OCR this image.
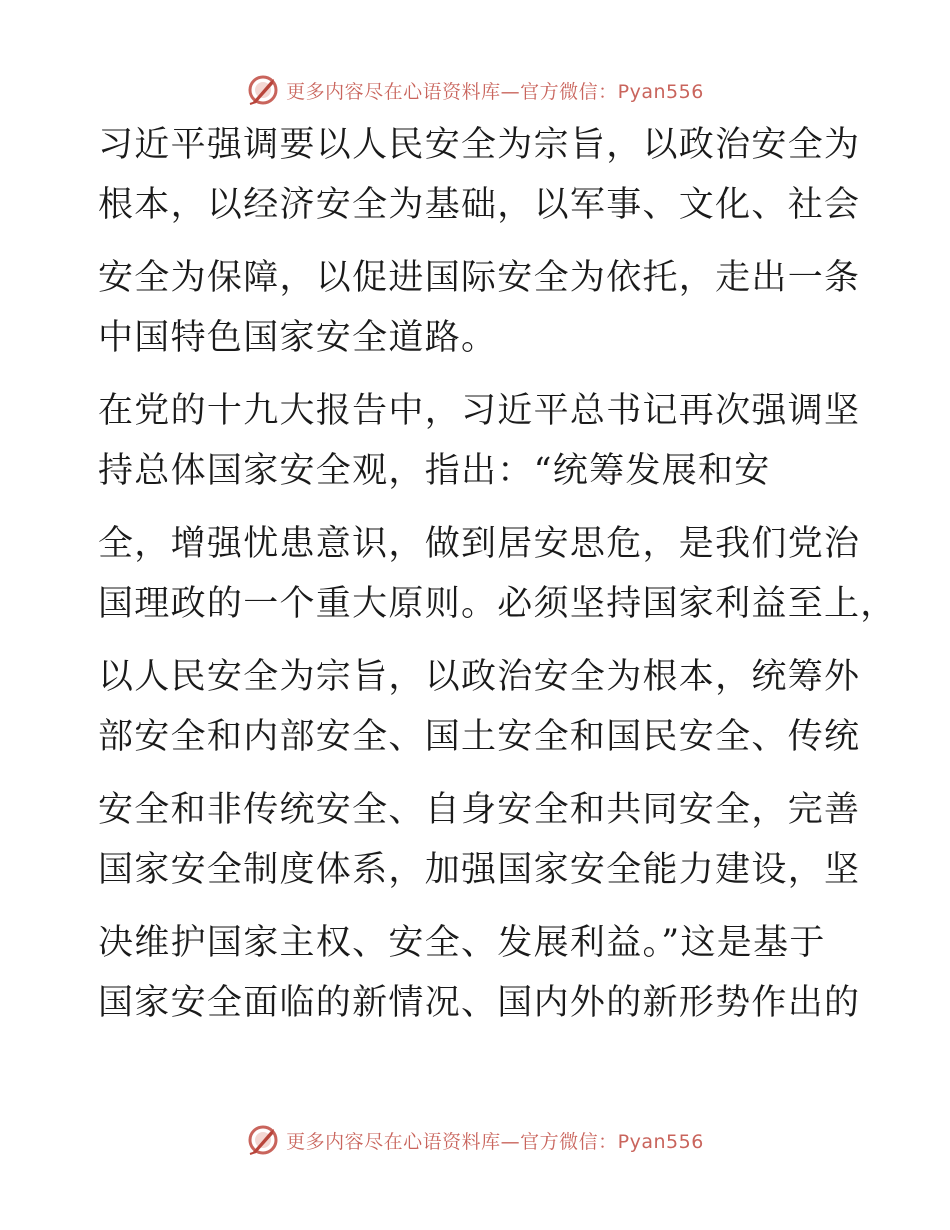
更多内容尽在心语资料库—官方微信：Pyan556
习近平强调要以人民安全为宗旨，以政治安全为
根本，以经济安全为基础，以军事、文化、社会
安全为保障，以促进国际安全为依托，走出一条
中国特色国家安全道路。
在党的十九大报告中，习近平总书记再次强调坚
持总体国家安全观，指出：“统筹发展和安
全，增强忧患意识，做到居安思危，是我们党治
国理政的一个重大原则。必须坚持国家利益至上，
以人民安全为宗旨，以政治安全为根本，统筹外
部安全和内部安全、国土安全和国民安全、传统
安全和非传统安全、自身安全和共同安全，完善
国家安全制度体系，加强国家安全能力建设，坚
决维护国家主权、安全、发展利益。”这是基于
国家安全面临的新情况、国内外的新形势作出的
更多内容尽在心语资料库—官方微信：Pyan556
